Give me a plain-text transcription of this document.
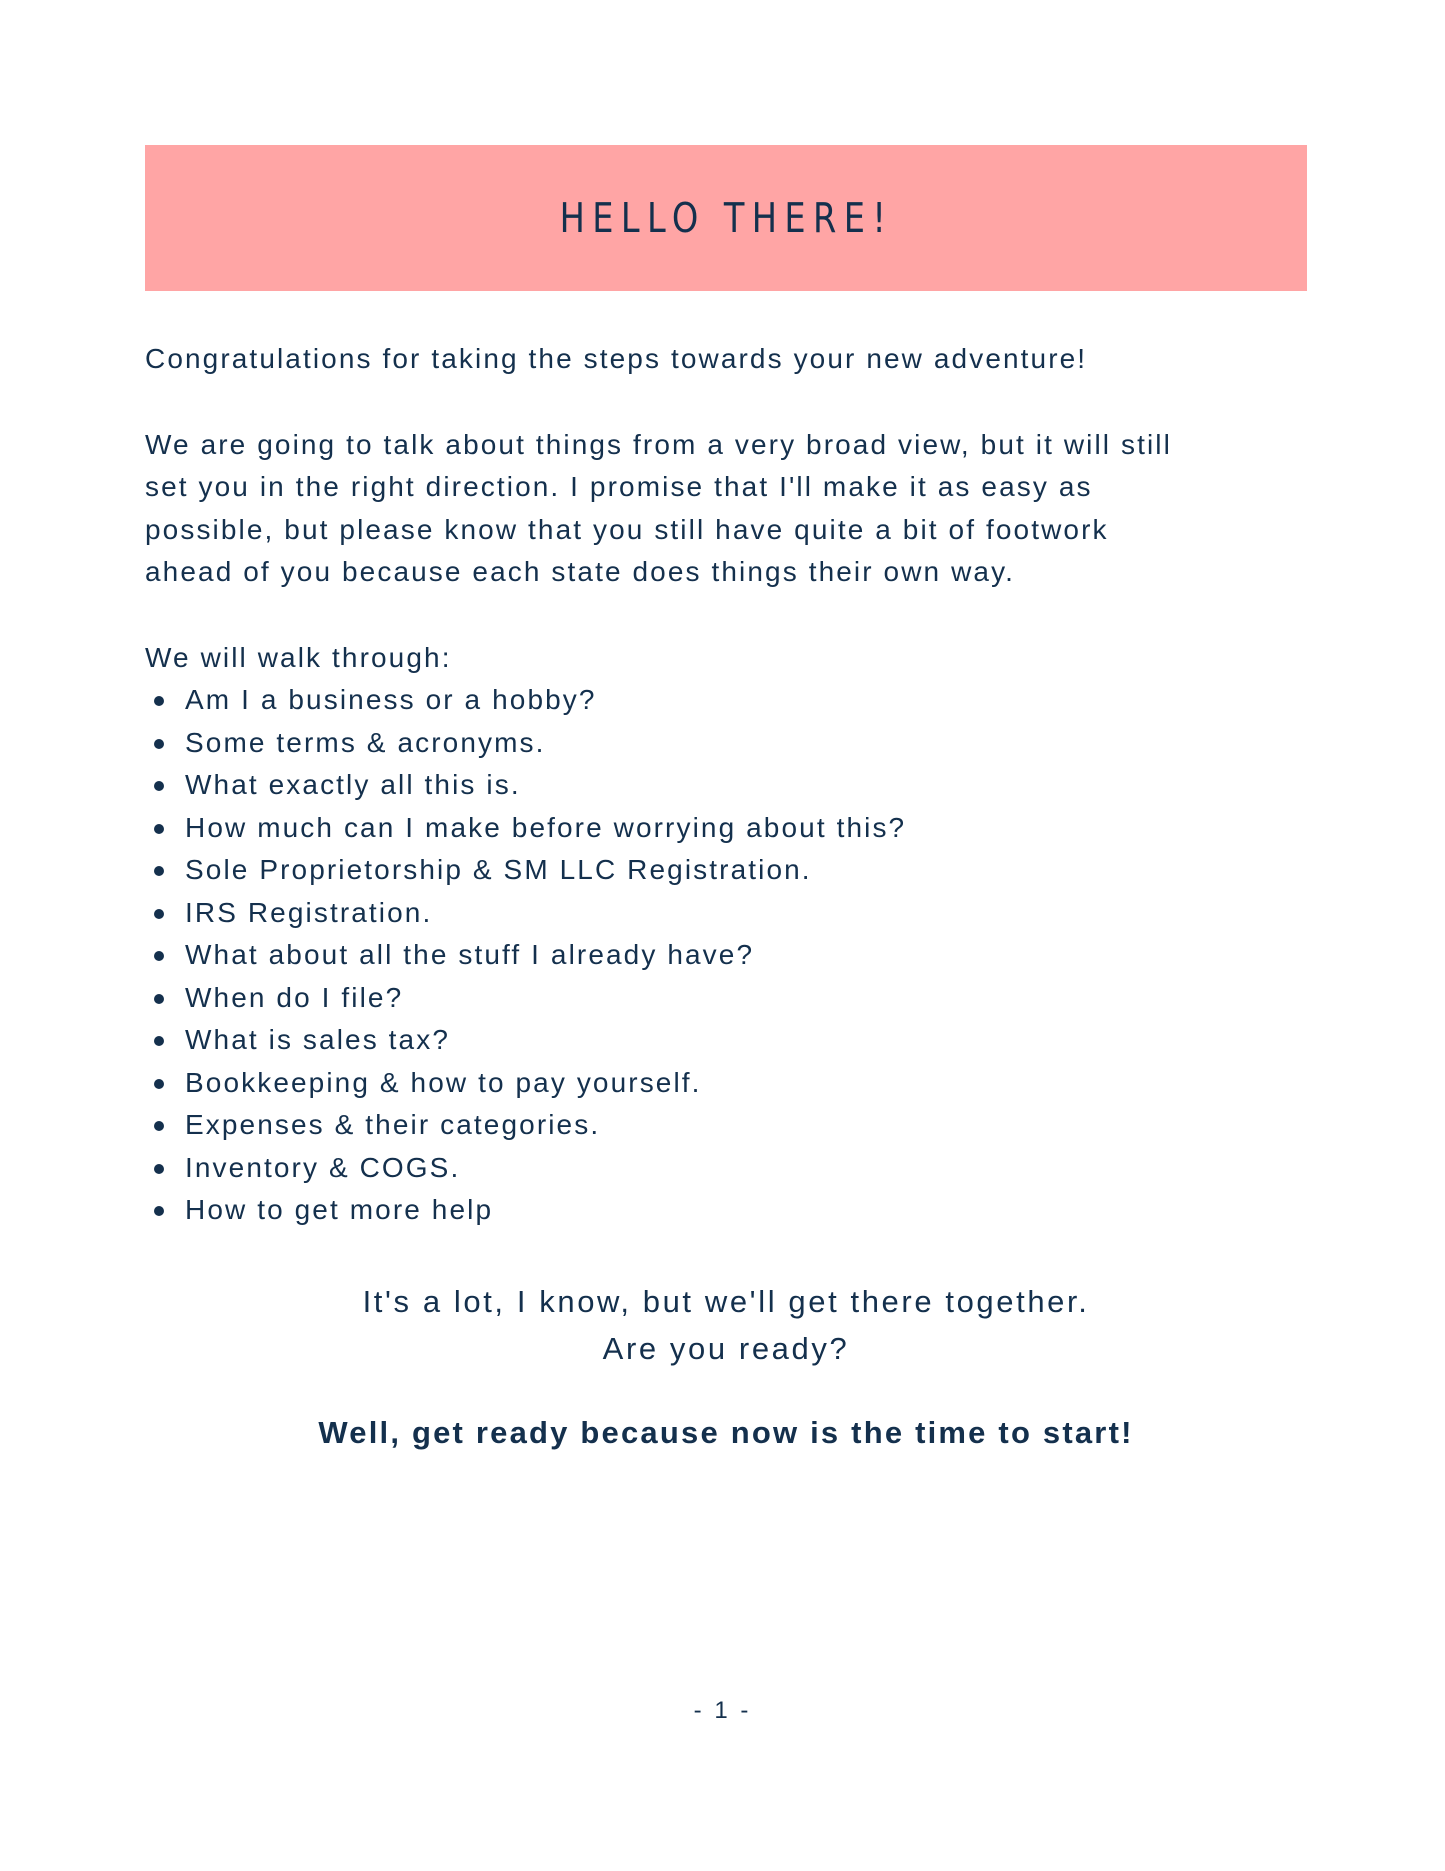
HELLO THERE!

Congratulations for taking the steps towards your new adventure!

We are going to talk about things from a very broad view, but it will still

set you in the right direction. I promise that I'll make it as easy as

possible, but please know that you still have quite a bit of footwork

ahead of you because each state does things their own way.

We will walk through:

Am I a business or a hobby?
Some terms & acronyms.
What exactly all this is.
How much can I make before worrying about this?
Sole Proprietorship & SM LLC Registration.
IRS Registration.
What about all the stuff I already have?
When do I file?
What is sales tax?
Bookkeeping & how to pay yourself.
Expenses & their categories.
Inventory & COGS.
How to get more help

It's a lot, I know, but we'll get there together.

Are you ready?

Well, get ready because now is the time to start!
- 1 -
